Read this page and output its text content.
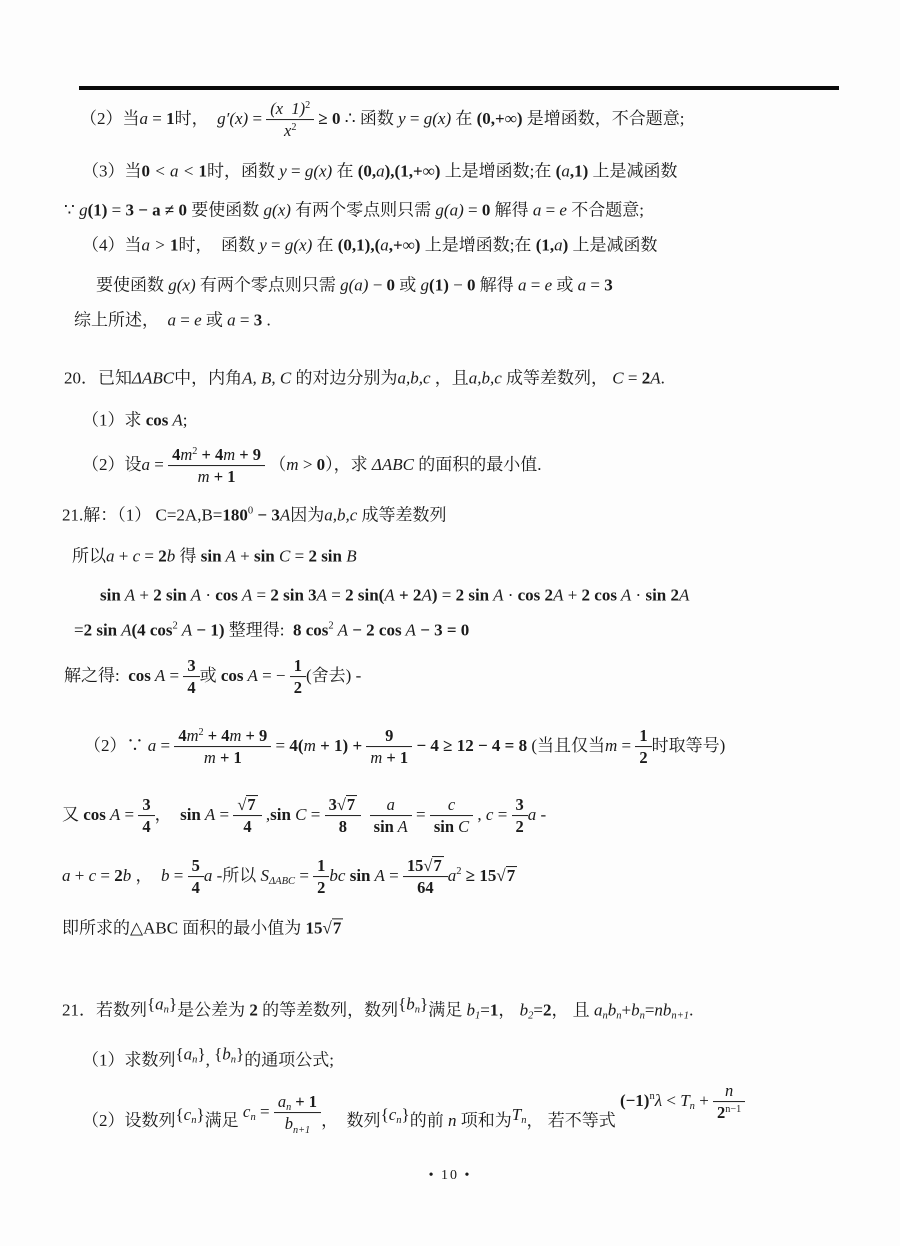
（2）当a = 1时，  $g'(x) = \frac{(x 1)^2}{x^2} \ge 0$ ∴ 函数 y = g(x) 在 (0,+∞) 是增函数，不合题意;
（3）当0 < a < 1时，函数 y = g(x) 在 (0,a),(1,+∞) 上是增函数;在 (a,1) 上是减函数
∵ g(1) = 3 − a ≠ 0 要使函数 g(x) 有两个零点则只需 g(a) = 0 解得 a = e 不合题意;
（4）当a > 1时，  函数 y = g(x) 在 (0,1),(a,+∞) 上是增函数;在 (1,a) 上是减函数
要使函数 g(x) 有两个零点则只需 g(a) − 0 或 g(1) − 0 解得 a = e 或 a = 3
综上所述，  a = e 或 a = 3 .
20．已知ΔABC中，内角A, B, C 的对边分别为a,b,c ，且a,b,c 成等差数列， C = 2A.
（1）求 cos A;
（2）设$a = \frac{4m^2 + 4m + 9}{m + 1} (m > 0)$，求 ΔABC 的面积的最小值.
21.解：（1） $C=2A,B=180^0 - 3A$因为a,b,c 成等差数列
所以a + c = 2b 得 sin A + sin C = 2 sin B
sin A + 2 sin A · cos A = 2 sin 3A = 2 sin(A + 2A) = 2 sin A · cos 2A + 2 cos A · sin 2A
=2 sin A(4 $\cos^2 A - 1$) 整理得:  8 $\cos^2 A - 2$ cos A − 3 = 0
解之得:  $\cos A = \frac{3}{4}$ 或 cos A = − $\frac{1}{2}$ (舍去) -
（2）∵ $a = \frac{4m^2 + 4m + 9}{m + 1} = 4(m + 1) + \frac{9}{m + 1} - 4 \ge 12 - 4 = 8$ (当且仅当$m = \frac{1}{2}$ 时取等号)
又 $\cos A = \frac{3}{4}$ ，  $\sin A = \frac{√7}{4} ,\sin$ $C = \frac{3√7}{8}$
$\frac{a}{\text{sin A}} = \frac{c}{\text{sin C}}$ , $c = \frac{3}{2}$ a -
a + c = 2b ，  $b = \frac{5}{4}$ a -所以 $S\Delta ABC = \frac{1}{2}$ bc $\sin A = \frac{15√7}{64} a^2 \ge 15√7$
即所求的△ABC 面积的最小值为 15√7
21．若数列{an}是公差为 2 的等差数列，数列{bn}满足 b1=1， b2=2， 且 anbn+bn=nbn+1.
（1）求数列{an}, {bn}的通项公式;
（2）设数列{cn}满足 cn = $\frac{an + 1}{bn+1}$ ，  数列{cn}的前 n 项和为Tn， 若不等式 $(-1)^n\lambda < Tn + \frac{n}{2^{n-1}}$
• 10 •
